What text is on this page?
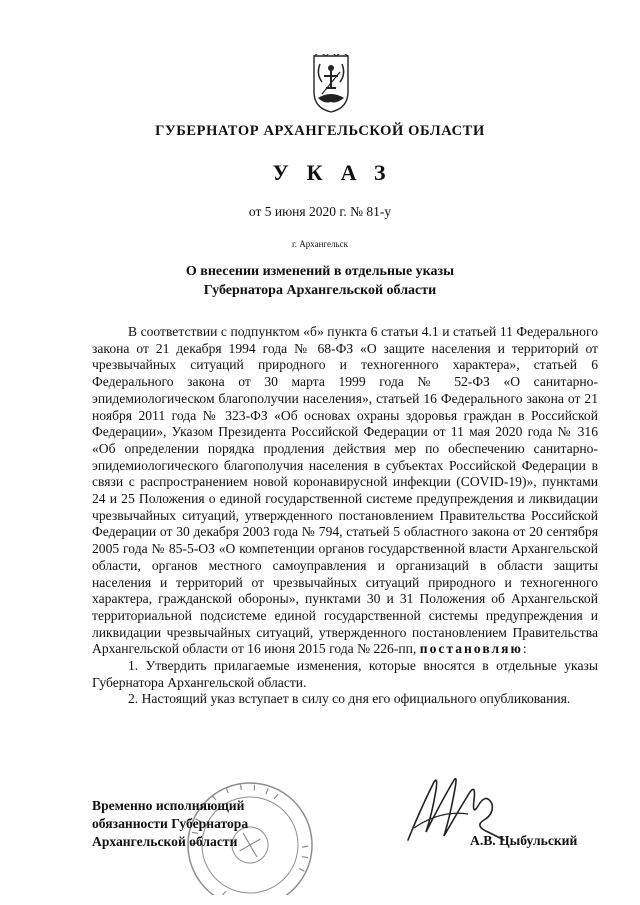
ГУБЕРНАТОР АРХАНГЕЛЬСКОЙ ОБЛАСТИ
УКАЗ
от 5 июня 2020 г. № 81-у
г. Архангельск
О внесении изменений в отдельные указы
Губернатора Архангельской области

В соответствии с подпунктом «б» пункта 6 статьи 4.1 и статьей 11 Федерального закона от 21 декабря 1994 года № 68-ФЗ «О защите населения и территорий от чрезвычайных ситуаций природного и техногенного характера», статьей 6 Федерального закона от 30 марта 1999 года № 52-ФЗ «О санитарно-эпидемиологическом благополучии населения», статьей 16 Федерального закона от 21 ноября 2011 года № 323-ФЗ «Об основах охраны здоровья граждан в Российской Федерации», Указом Президента Российской Федерации от 11 мая 2020 года № 316 «Об определении порядка продления действия мер по обеспечению санитарно-эпидемиологического благополучия населения в субъектах Российской Федерации в связи с распространением новой коронавирусной инфекции (COVID-19)», пунктами 24 и 25 Положения о единой государственной системе предупреждения и ликвидации чрезвычайных ситуаций, утвержденного постановлением Правительства Российской Федерации от 30 декабря 2003 года № 794, статьей 5 областного закона от 20 сентября 2005 года № 85-5-ОЗ «О компетенции органов государственной власти Архангельской области, органов местного самоуправления и организаций в области защиты населения и территорий от чрезвычайных ситуаций природного и техногенного характера, гражданской обороны», пунктами 30 и 31 Положения об Архангельской территориальной подсистеме единой государственной системы предупреждения и ликвидации чрезвычайных ситуаций, утвержденного постановлением Правительства Архангельской области от 16 июня 2015 года № 226-пп, постановляю:

1. Утвердить прилагаемые изменения, которые вносятся в отдельные указы Губернатора Архангельской области.

2. Настоящий указ вступает в силу со дня его официального опубликования.

Временно исполняющий
обязанности Губернатора
Архангельской области	А.В. Цыбульский
